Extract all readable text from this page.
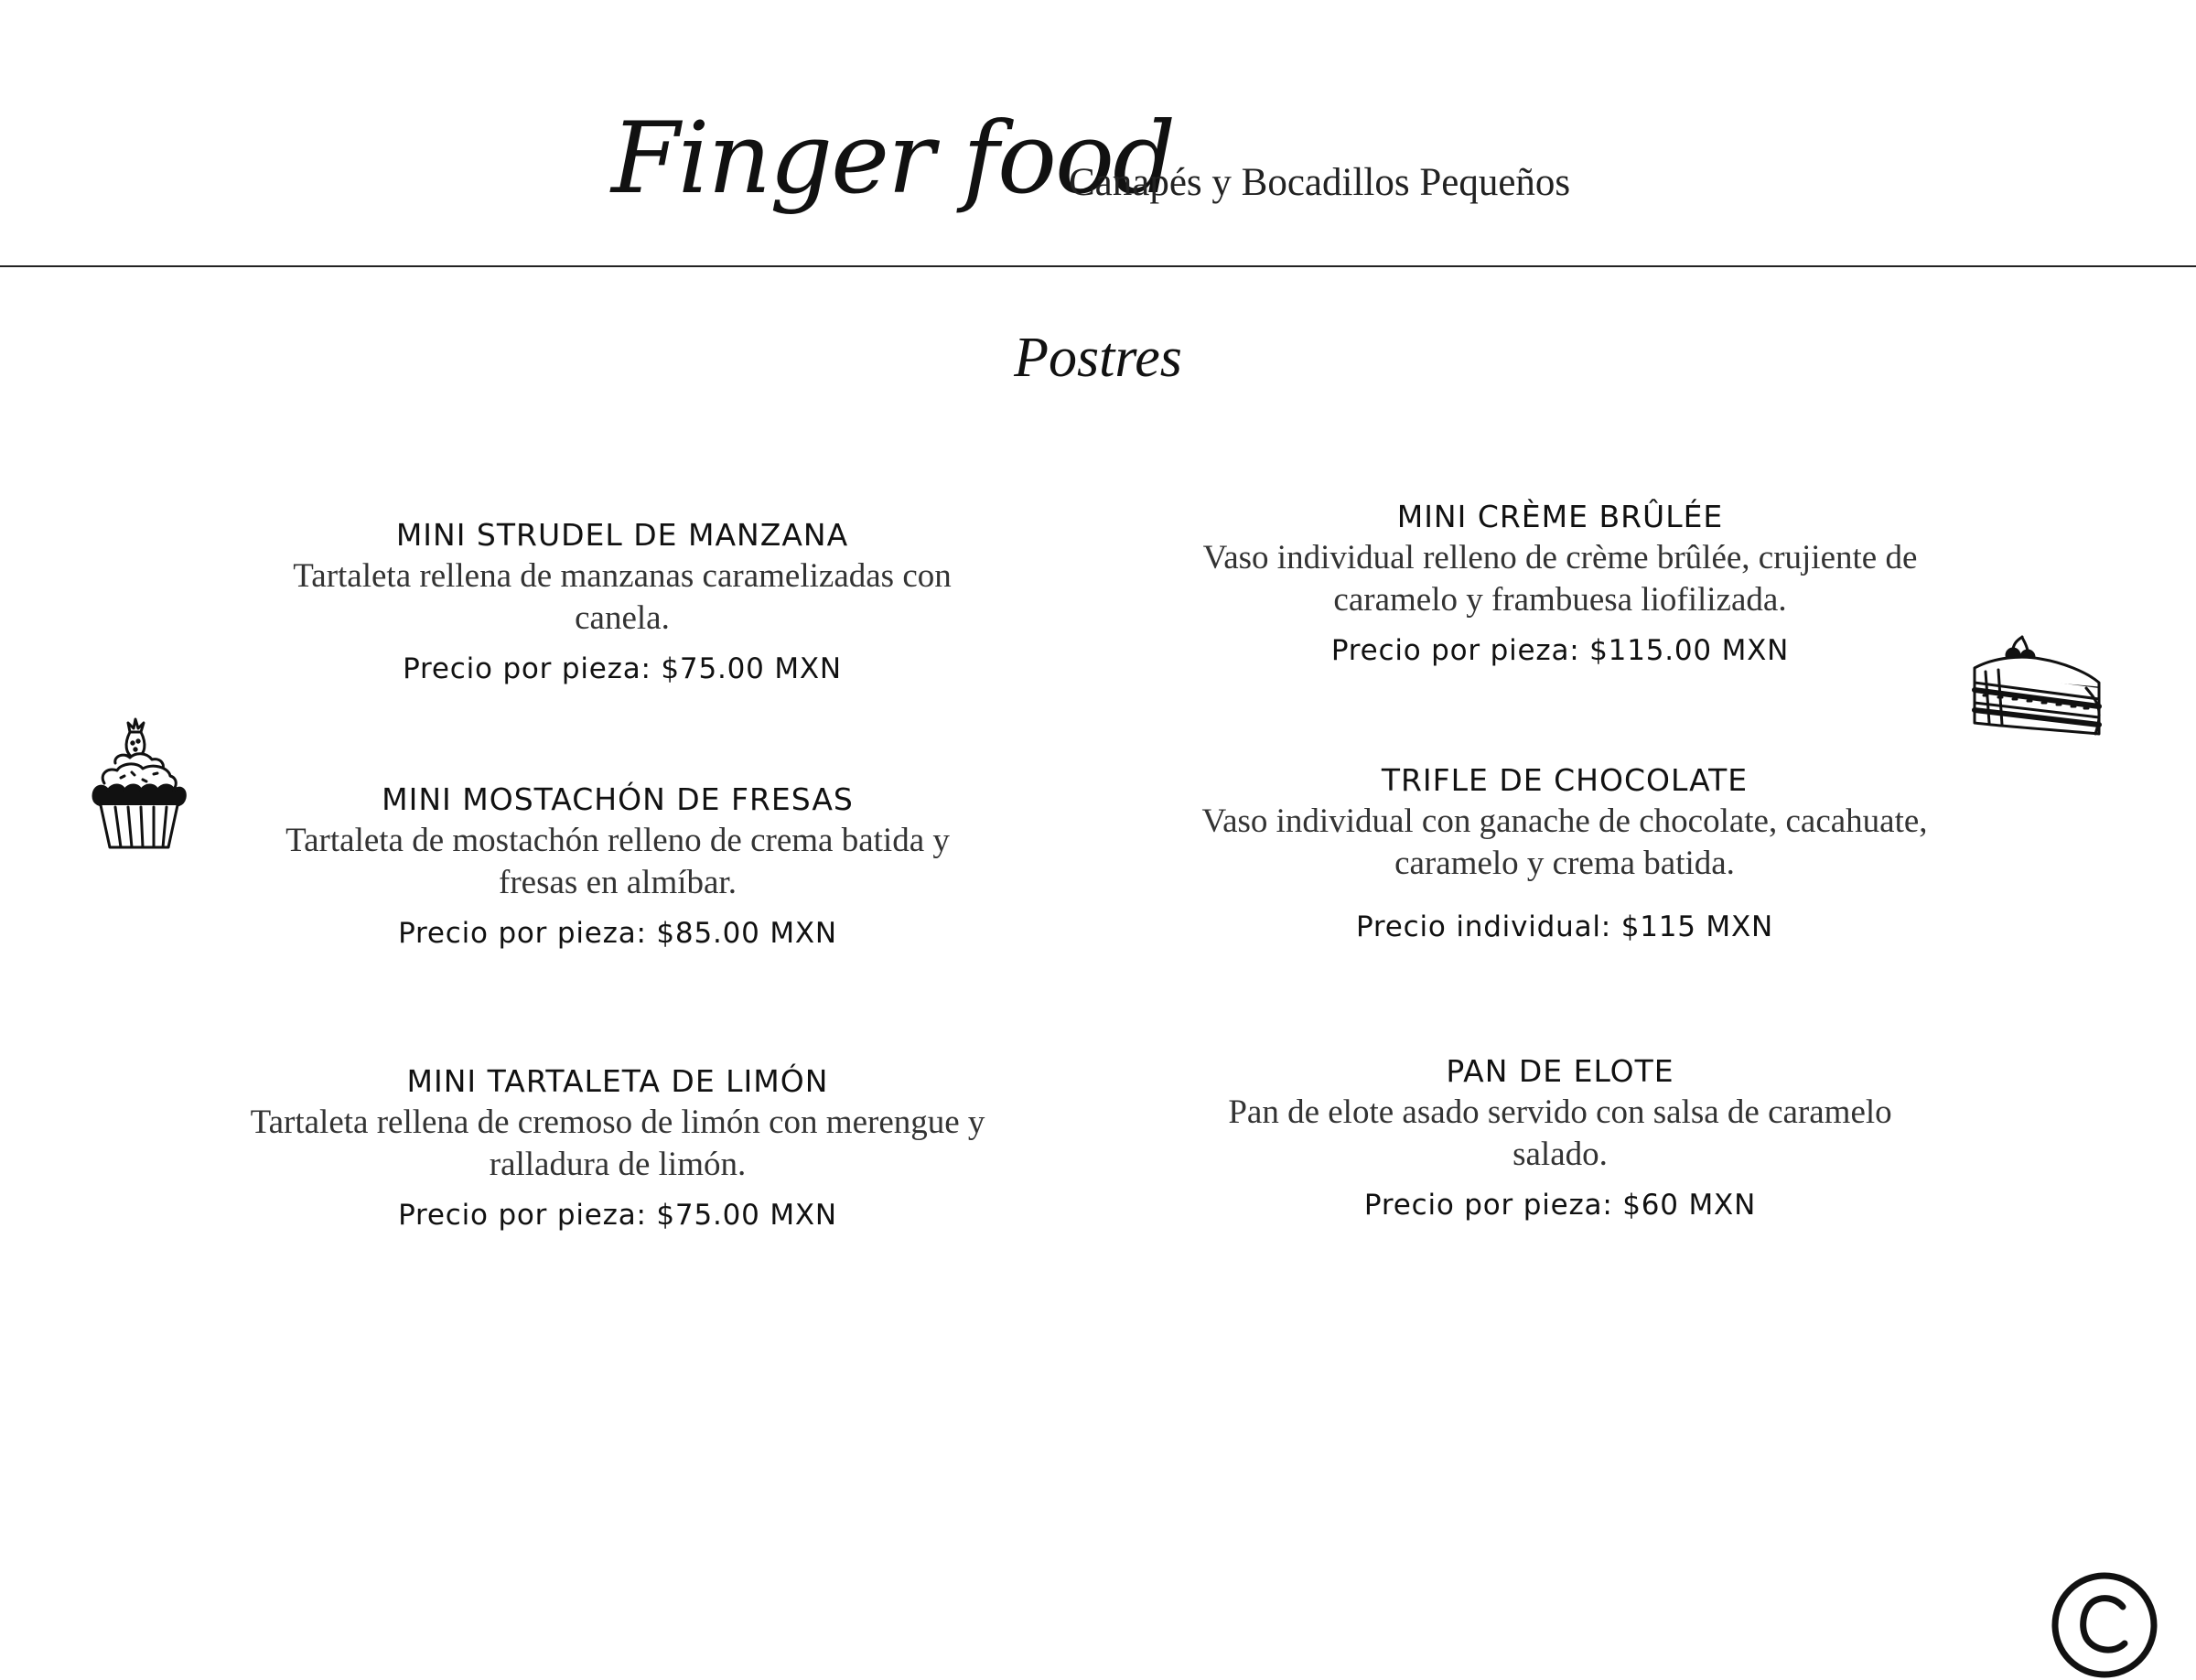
Finger food
Canapés y Bocadillos Pequeños
Postres
MINI STRUDEL DE MANZANA
Tartaleta rellena de manzanas caramelizadas con canela.
Precio por pieza: $75.00 MXN
MINI MOSTACHÓN DE FRESAS
Tartaleta de mostachón relleno de crema batida y fresas en almíbar.
Precio por pieza: $85.00 MXN
MINI TARTALETA DE LIMÓN
Tartaleta rellena de cremoso de limón con merengue y ralladura de limón.
Precio por pieza: $75.00 MXN
MINI CRÈME BRÛLÉE
Vaso individual relleno de crème brûlée, crujiente de caramelo y frambuesa liofilizada.
Precio por pieza: $115.00 MXN
TRIFLE DE CHOCOLATE
Vaso individual con ganache de chocolate, cacahuate, caramelo y crema batida.
Precio individual: $115 MXN
PAN DE ELOTE
Pan de elote asado servido con salsa de caramelo salado.
Precio por pieza: $60 MXN
